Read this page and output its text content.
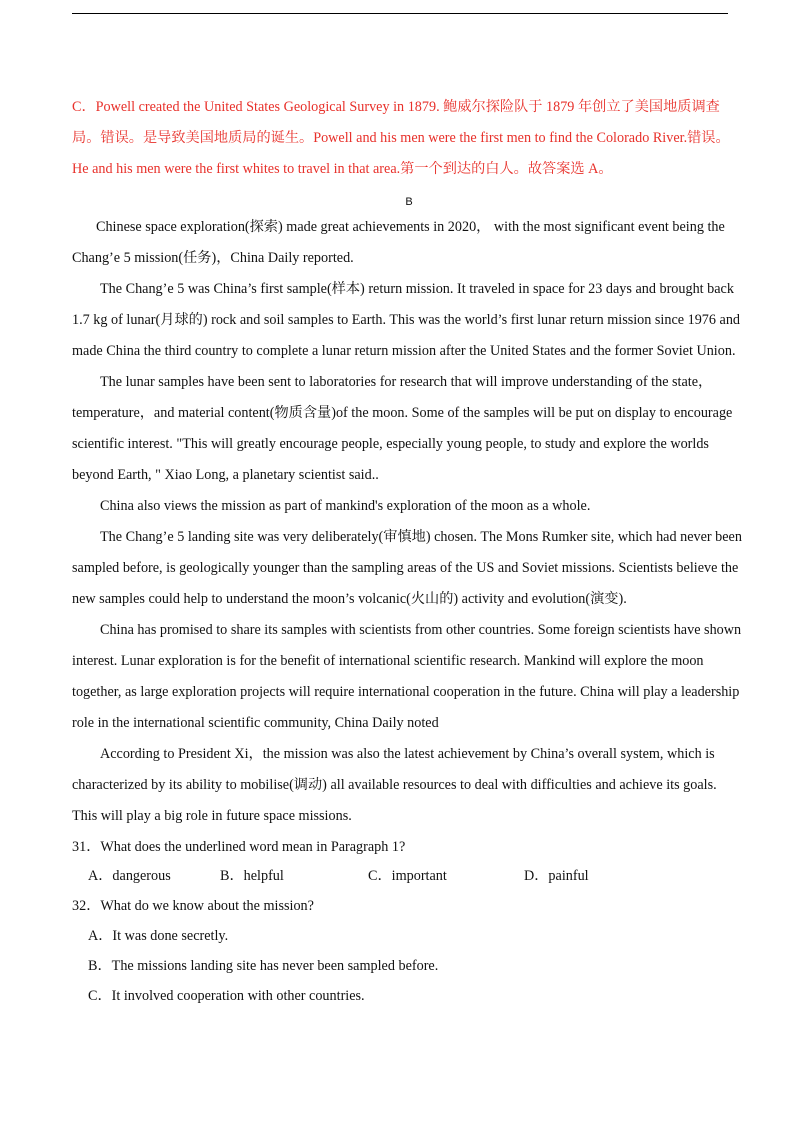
C．Powell created the United States Geological Survey in 1879. 鲍威尔探险队于 1879 年创立了美国地质调查局。错误。是导致美国地质局的诞生。Powell and his men were the first men to find the Colorado River.错误。He and his men were the first whites to travel in that area.第一个到达的白人。故答案选 A。

B

Chinese space exploration(探索) made great achievements in 2020， with the most significant event being the Chang’e 5 mission(任务)，China Daily reported.

The Chang’e 5 was China’s first sample(样本) return mission. It traveled in space for 23 days and brought back 1.7 kg of lunar(月球的) rock and soil samples to Earth. This was the world’s first lunar return mission since 1976 and made China the third country to complete a lunar return mission after the United States and the former Soviet Union.

The lunar samples have been sent to laboratories for research that will improve understanding of the state，temperature，and material content(物质含量)of the moon. Some of the samples will be put on display to encourage scientific interest. "This will greatly encourage people, especially young people, to study and explore the worlds beyond Earth, " Xiao Long, a planetary scientist said..

China also views the mission as part of mankind's exploration of the moon as a whole.

The Chang’e 5 landing site was very deliberately(审慎地) chosen. The Mons Rumker site, which had never been sampled before, is geologically younger than the sampling areas of the US and Soviet missions. Scientists believe the new samples could help to understand the moon’s volcanic(火山的) activity and evolution(演变).

China has promised to share its samples with scientists from other countries. Some foreign scientists have shown interest. Lunar exploration is for the benefit of international scientific research. Mankind will explore the moon together, as large exploration projects will require international cooperation in the future. China will play a leadership role in the international scientific community, China Daily noted

According to President Xi，the mission was also the latest achievement by China’s overall system, which is characterized by its ability to mobilise(调动) all available resources to deal with difficulties and achieve its goals. This will play a big role in future space missions.

31．What does the underlined word mean in Paragraph 1?

A．dangerous	B．helpful	C．important	D．painful

32．What do we know about the mission?

A．It was done secretly.
B．The missions landing site has never been sampled before.
C．It involved cooperation with other countries.
